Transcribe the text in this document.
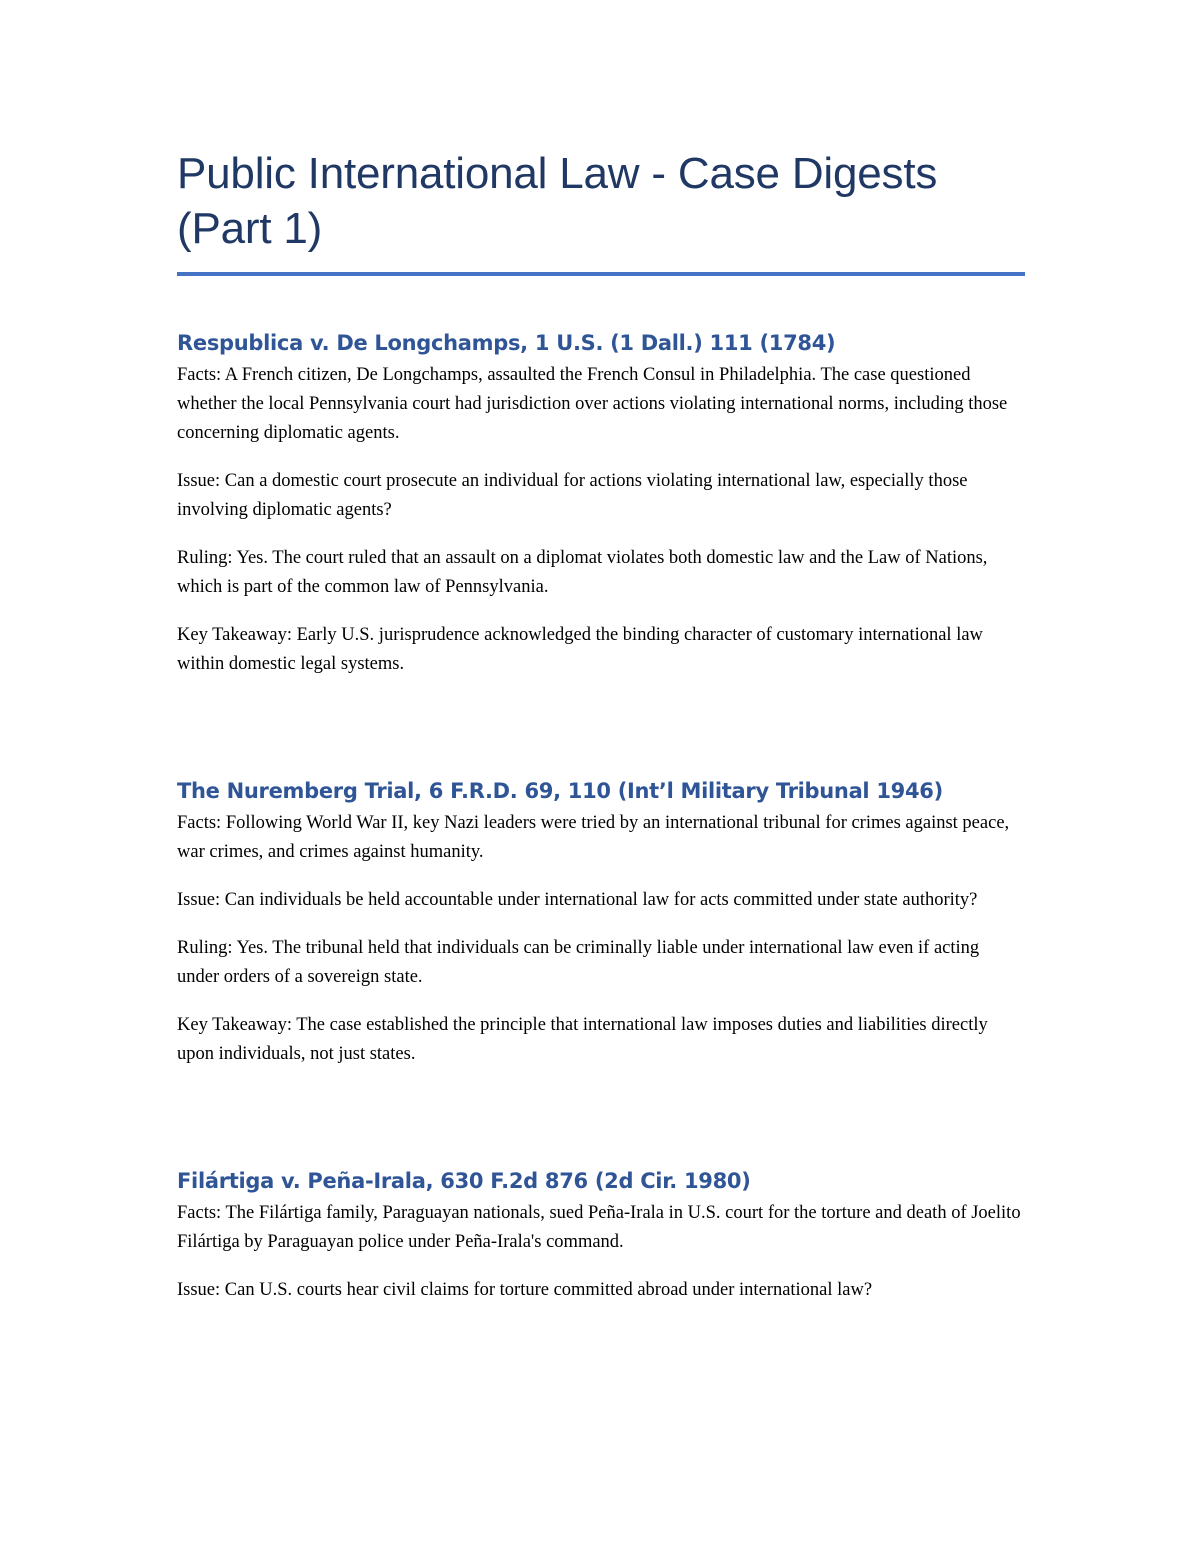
Public International Law - Case Digests (Part 1)
Respublica v. De Longchamps, 1 U.S. (1 Dall.) 111 (1784)

Facts: A French citizen, De Longchamps, assaulted the French Consul in Philadelphia. The case questioned whether the local Pennsylvania court had jurisdiction over actions violating international norms, including those concerning diplomatic agents.

Issue: Can a domestic court prosecute an individual for actions violating international law, especially those involving diplomatic agents?

Ruling: Yes. The court ruled that an assault on a diplomat violates both domestic law and the Law of Nations, which is part of the common law of Pennsylvania.

Key Takeaway: Early U.S. jurisprudence acknowledged the binding character of customary international law within domestic legal systems.

The Nuremberg Trial, 6 F.R.D. 69, 110 (Int’l Military Tribunal 1946)

Facts: Following World War II, key Nazi leaders were tried by an international tribunal for crimes against peace, war crimes, and crimes against humanity.

Issue: Can individuals be held accountable under international law for acts committed under state authority?

Ruling: Yes. The tribunal held that individuals can be criminally liable under international law even if acting under orders of a sovereign state.

Key Takeaway: The case established the principle that international law imposes duties and liabilities directly upon individuals, not just states.

Filártiga v. Peña-Irala, 630 F.2d 876 (2d Cir. 1980)

Facts: The Filártiga family, Paraguayan nationals, sued Peña-Irala in U.S. court for the torture and death of Joelito Filártiga by Paraguayan police under Peña-Irala's command.

Issue: Can U.S. courts hear civil claims for torture committed abroad under international law?
